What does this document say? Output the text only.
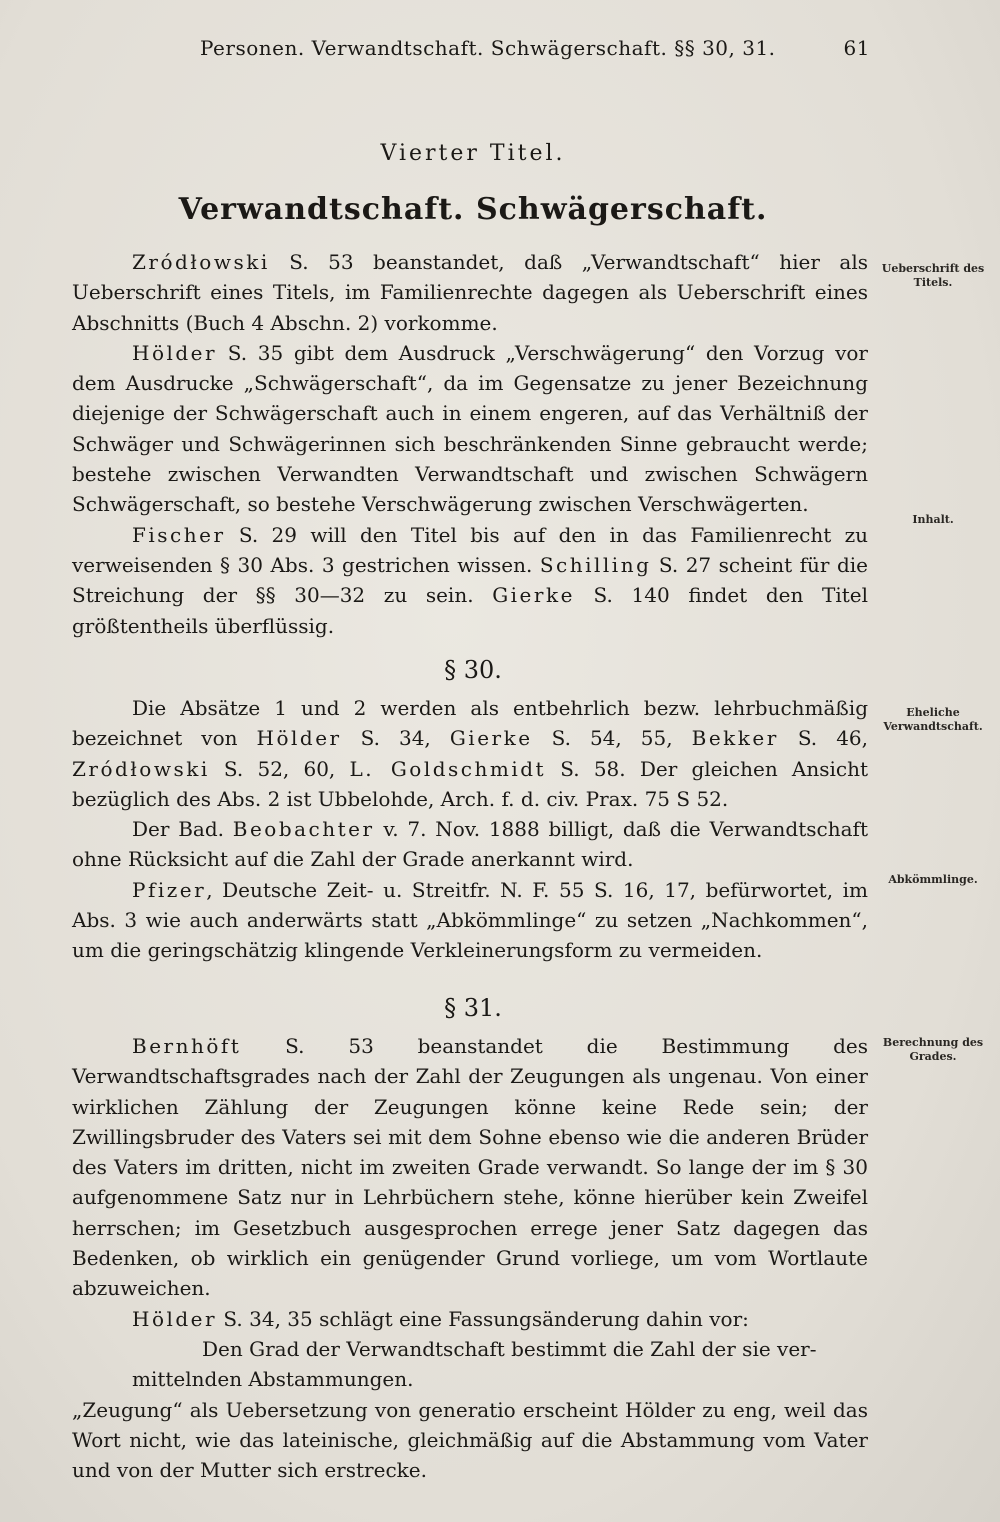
Personen. Verwandtschaft. Schwägerschaft. §§ 30, 31.	61
Vierter Titel.
Verwandtschaft. Schwägerschaft.

Zródłowski S. 53 beanstandet, daß „Verwandtschaft“ hier als Ueberschrift eines Titels, im Familienrechte dagegen als Ueberschrift eines Abschnitts (Buch 4 Abschn. 2) vorkomme.

Hölder S. 35 gibt dem Ausdruck „Verschwägerung“ den Vorzug vor dem Ausdrucke „Schwägerschaft“, da im Gegensatze zu jener Bezeichnung diejenige der Schwägerschaft auch in einem engeren, auf das Verhältniß der Schwäger und Schwägerinnen sich beschränkenden Sinne gebraucht werde; bestehe zwischen Verwandten Verwandtschaft und zwischen Schwägern Schwägerschaft, so bestehe Verschwägerung zwischen Verschwägerten.

Fischer S. 29 will den Titel bis auf den in das Familienrecht zu verweisenden § 30 Abs. 3 gestrichen wissen. Schilling S. 27 scheint für die Streichung der §§ 30—32 zu sein. Gierke S. 140 findet den Titel größtentheils überflüssig.

§ 30.

Die Absätze 1 und 2 werden als entbehrlich bezw. lehrbuchmäßig bezeichnet von Hölder S. 34, Gierke S. 54, 55, Bekker S. 46, Zródłowski S. 52, 60, L. Goldschmidt S. 58. Der gleichen Ansicht bezüglich des Abs. 2 ist Ubbelohde, Arch. f. d. civ. Prax. 75 S 52.

Der Bad. Beobachter v. 7. Nov. 1888 billigt, daß die Verwandtschaft ohne Rücksicht auf die Zahl der Grade anerkannt wird.

Pfizer, Deutsche Zeit- u. Streitfr. N. F. 55 S. 16, 17, befürwortet, im Abs. 3 wie auch anderwärts statt „Abkömmlinge“ zu setzen „Nachkommen“, um die geringschätzig klingende Verkleinerungsform zu vermeiden.

§ 31.

Bernhöft S. 53 beanstandet die Bestimmung des Verwandtschaftsgrades nach der Zahl der Zeugungen als ungenau. Von einer wirklichen Zählung der Zeugungen könne keine Rede sein; der Zwillingsbruder des Vaters sei mit dem Sohne ebenso wie die anderen Brüder des Vaters im dritten, nicht im zweiten Grade verwandt. So lange der im § 30 aufgenommene Satz nur in Lehrbüchern stehe, könne hierüber kein Zweifel herrschen; im Gesetzbuch ausgesprochen errege jener Satz dagegen das Bedenken, ob wirklich ein genügender Grund vorliege, um vom Wortlaute abzuweichen.

Hölder S. 34, 35 schlägt eine Fassungsänderung dahin vor:

Den Grad der Verwandtschaft bestimmt die Zahl der sie ver-

mittelnden Abstammungen.

„Zeugung“ als Uebersetzung von generatio erscheint Hölder zu eng, weil das Wort nicht, wie das lateinische, gleichmäßig auf die Abstammung vom Vater und von der Mutter sich erstrecke.

Ueberschrift des Titels.
Inhalt.
Eheliche Verwandtschaft.
Abkömmlinge.
Berechnung des Grades.
